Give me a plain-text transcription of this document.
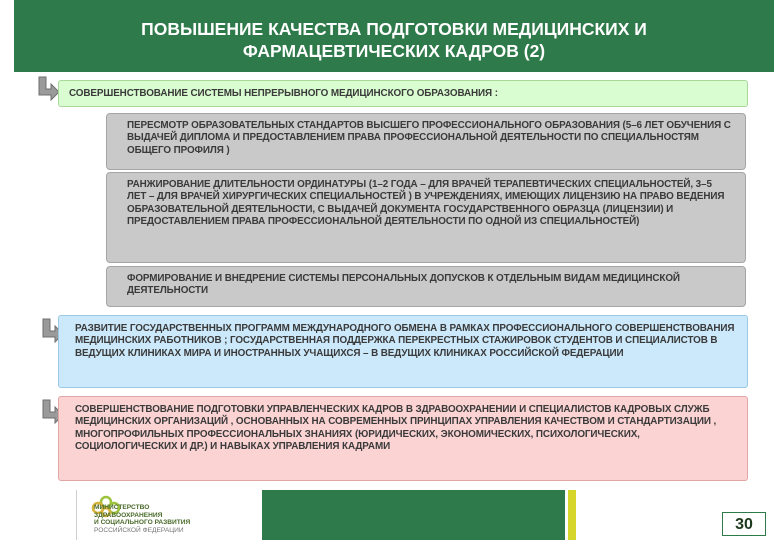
ПОВЫШЕНИЕ КАЧЕСТВА ПОДГОТОВКИ МЕДИЦИНСКИХ И
ФАРМАЦЕВТИЧЕСКИХ КАДРОВ (2)
СОВЕРШЕНСТВОВАНИЕ СИСТЕМЫ НЕПРЕРЫВНОГО МЕДИЦИНСКОГО ОБРАЗОВАНИЯ :
ПЕРЕСМОТР ОБРАЗОВАТЕЛЬНЫХ СТАНДАРТОВ ВЫСШЕГО ПРОФЕССИОНАЛЬНОГО ОБРАЗОВАНИЯ (5–6 ЛЕТ ОБУЧЕНИЯ С ВЫДАЧЕЙ ДИПЛОМА И ПРЕДОСТАВЛЕНИЕМ ПРАВА ПРОФЕССИОНАЛЬНОЙ ДЕЯТЕЛЬНОСТИ ПО СПЕЦИАЛЬНОСТЯМ ОБЩЕГО ПРОФИЛЯ )
РАНЖИРОВАНИЕ ДЛИТЕЛЬНОСТИ ОРДИНАТУРЫ (1–2 ГОДА – ДЛЯ ВРАЧЕЙ ТЕРАПЕВТИЧЕСКИХ СПЕЦИАЛЬНОСТЕЙ, 3–5 ЛЕТ – ДЛЯ ВРАЧЕЙ ХИРУРГИЧЕСКИХ СПЕЦИАЛЬНОСТЕЙ ) В УЧРЕЖДЕНИЯХ, ИМЕЮЩИХ ЛИЦЕНЗИЮ НА ПРАВО ВЕДЕНИЯ ОБРАЗОВАТЕЛЬНОЙ ДЕЯТЕЛЬНОСТИ, С ВЫДАЧЕЙ ДОКУМЕНТА ГОСУДАРСТВЕННОГО ОБРАЗЦА (ЛИЦЕНЗИИ) И ПРЕДОСТАВЛЕНИЕМ ПРАВА ПРОФЕССИОНАЛЬНОЙ ДЕЯТЕЛЬНОСТИ ПО ОДНОЙ ИЗ СПЕЦИАЛЬНОСТЕЙ)
ФОРМИРОВАНИЕ И ВНЕДРЕНИЕ СИСТЕМЫ ПЕРСОНАЛЬНЫХ ДОПУСКОВ К ОТДЕЛЬНЫМ ВИДАМ МЕДИЦИНСКОЙ ДЕЯТЕЛЬНОСТИ
РАЗВИТИЕ ГОСУДАРСТВЕННЫХ ПРОГРАММ МЕЖДУНАРОДНОГО ОБМЕНА В РАМКАХ ПРОФЕССИОНАЛЬНОГО СОВЕРШЕНСТВОВАНИЯ МЕДИЦИНСКИХ РАБОТНИКОВ ; ГОСУДАРСТВЕННАЯ ПОДДЕРЖКА ПЕРЕКРЕСТНЫХ СТАЖИРОВОК СТУДЕНТОВ И СПЕЦИАЛИСТОВ В ВЕДУЩИХ КЛИНИКАХ МИРА И ИНОСТРАННЫХ УЧАЩИХСЯ – В ВЕДУЩИХ КЛИНИКАХ РОССИЙСКОЙ ФЕДЕРАЦИИ
СОВЕРШЕНСТВОВАНИЕ ПОДГОТОВКИ УПРАВЛЕНЧЕСКИХ КАДРОВ В ЗДРАВООХРАНЕНИИ И СПЕЦИАЛИСТОВ КАДРОВЫХ СЛУЖБ МЕДИЦИНСКИХ ОРГАНИЗАЦИЙ , ОСНОВАННЫХ НА СОВРЕМЕННЫХ ПРИНЦИПАХ УПРАВЛЕНИЯ КАЧЕСТВОМ И СТАНДАРТИЗАЦИИ , МНОГОПРОФИЛЬНЫХ ПРОФЕССИОНАЛЬНЫХ ЗНАНИЯХ (ЮРИДИЧЕСКИХ, ЭКОНОМИЧЕСКИХ, ПСИХОЛОГИЧЕСКИХ, СОЦИОЛОГИЧЕСКИХ И ДР.) И НАВЫКАХ УПРАВЛЕНИЯ КАДРАМИ
МИНИСТЕРСТВО
ЗДРАВООХРАНЕНИЯ
И СОЦИАЛЬНОГО РАЗВИТИЯ
РОССИЙСКОЙ ФЕДЕРАЦИИ	30
